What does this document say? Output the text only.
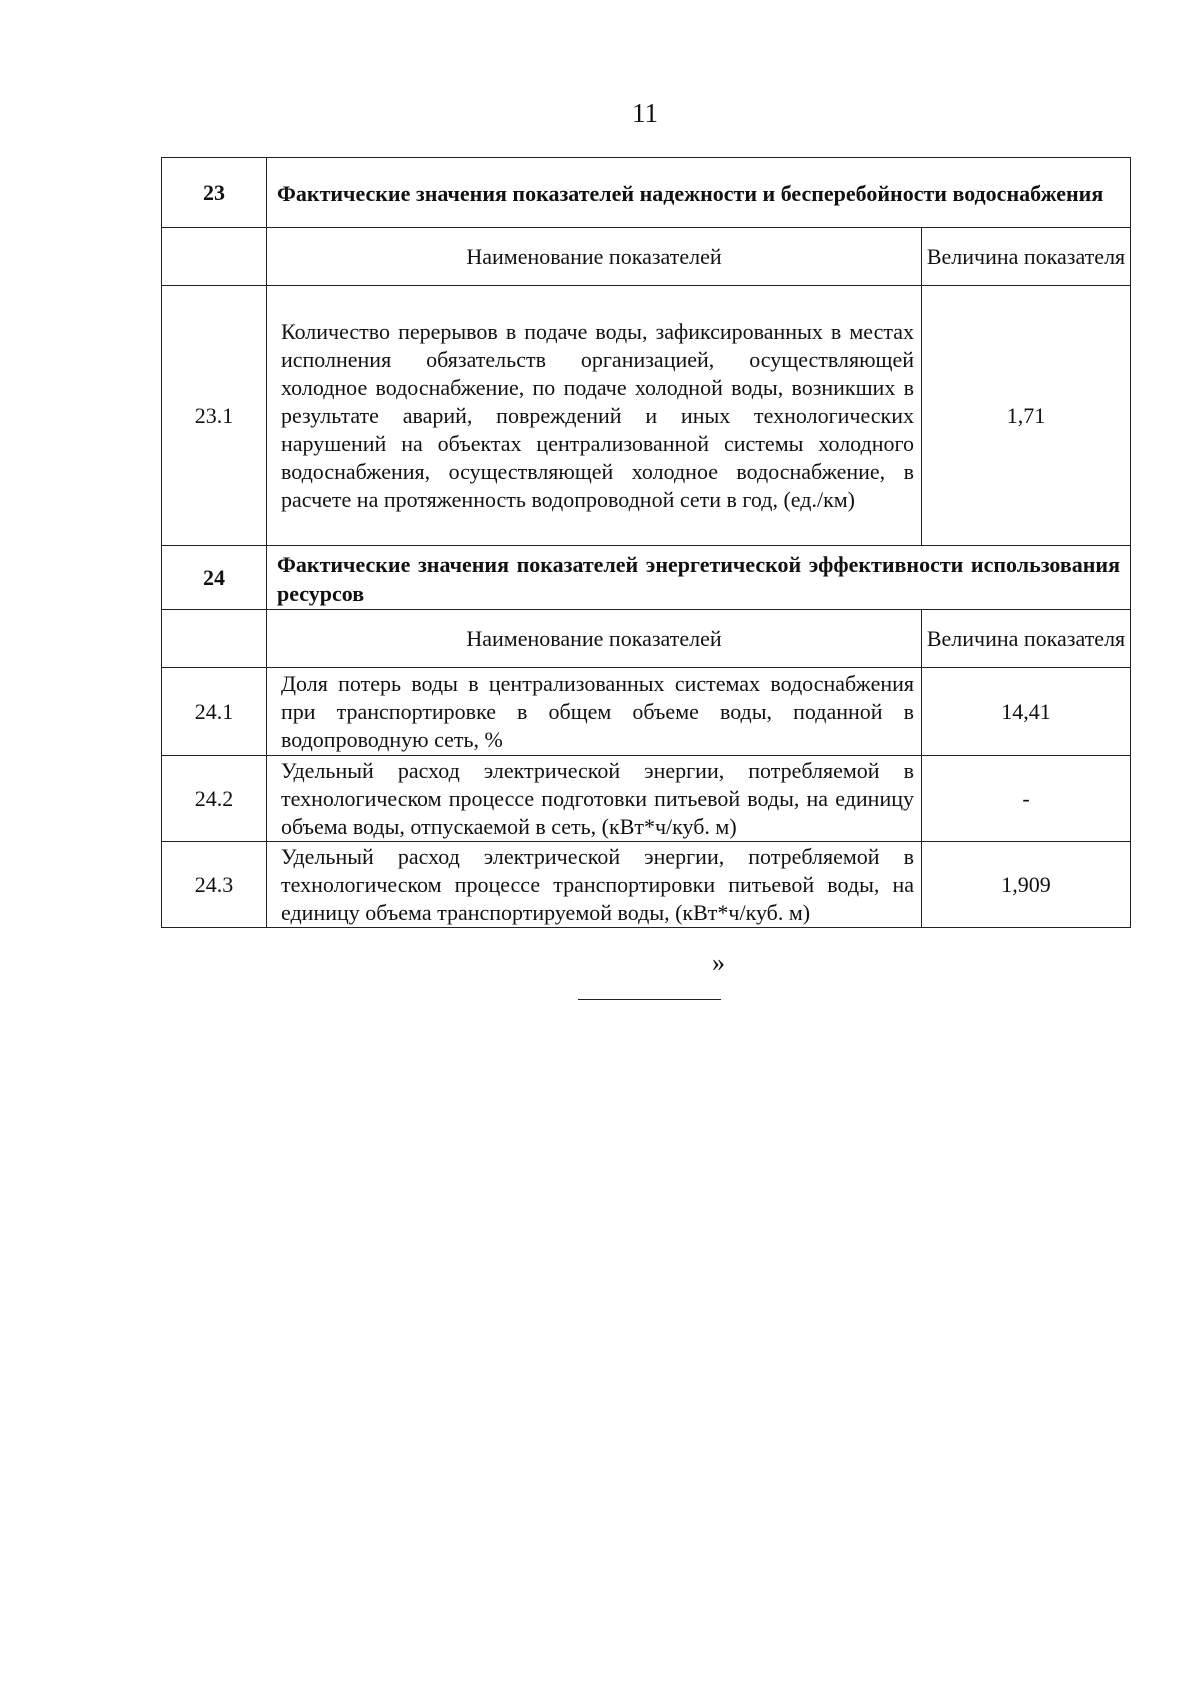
11
23	Фактические значения показателей надежности и бесперебойности водоснабжения	
	Наименование показателей	Величина показателя
23.1	Количество перерывов в подаче воды, зафиксированных в местах исполнения обязательств организацией, осуществляющей холодное водоснабжение, по подаче холодной воды, возникших в результате аварий, повреждений и иных технологических нарушений на объектах централизованной системы холодного водоснабжения, осуществляющей холодное водоснабжение, в расчете на протяженность водопроводной сети в год, (ед./км)	1,71
24	Фактические значения показателей энергетической эффективности использования ресурсов	
	Наименование показателей	Величина показателя
24.1	Доля потерь воды в централизованных системах водоснабжения при транспортировке в общем объеме воды, поданной в водопроводную сеть, %	14,41
24.2	Удельный расход электрической энергии, потребляемой в технологическом процессе подготовки питьевой воды, на единицу объема воды, отпускаемой в сеть, (кВт*ч/куб. м)	-
24.3	Удельный расход электрической энергии, потребляемой в технологическом процессе транспортировки питьевой воды, на единицу объема транспортируемой воды, (кВт*ч/куб. м)	1,909
»
